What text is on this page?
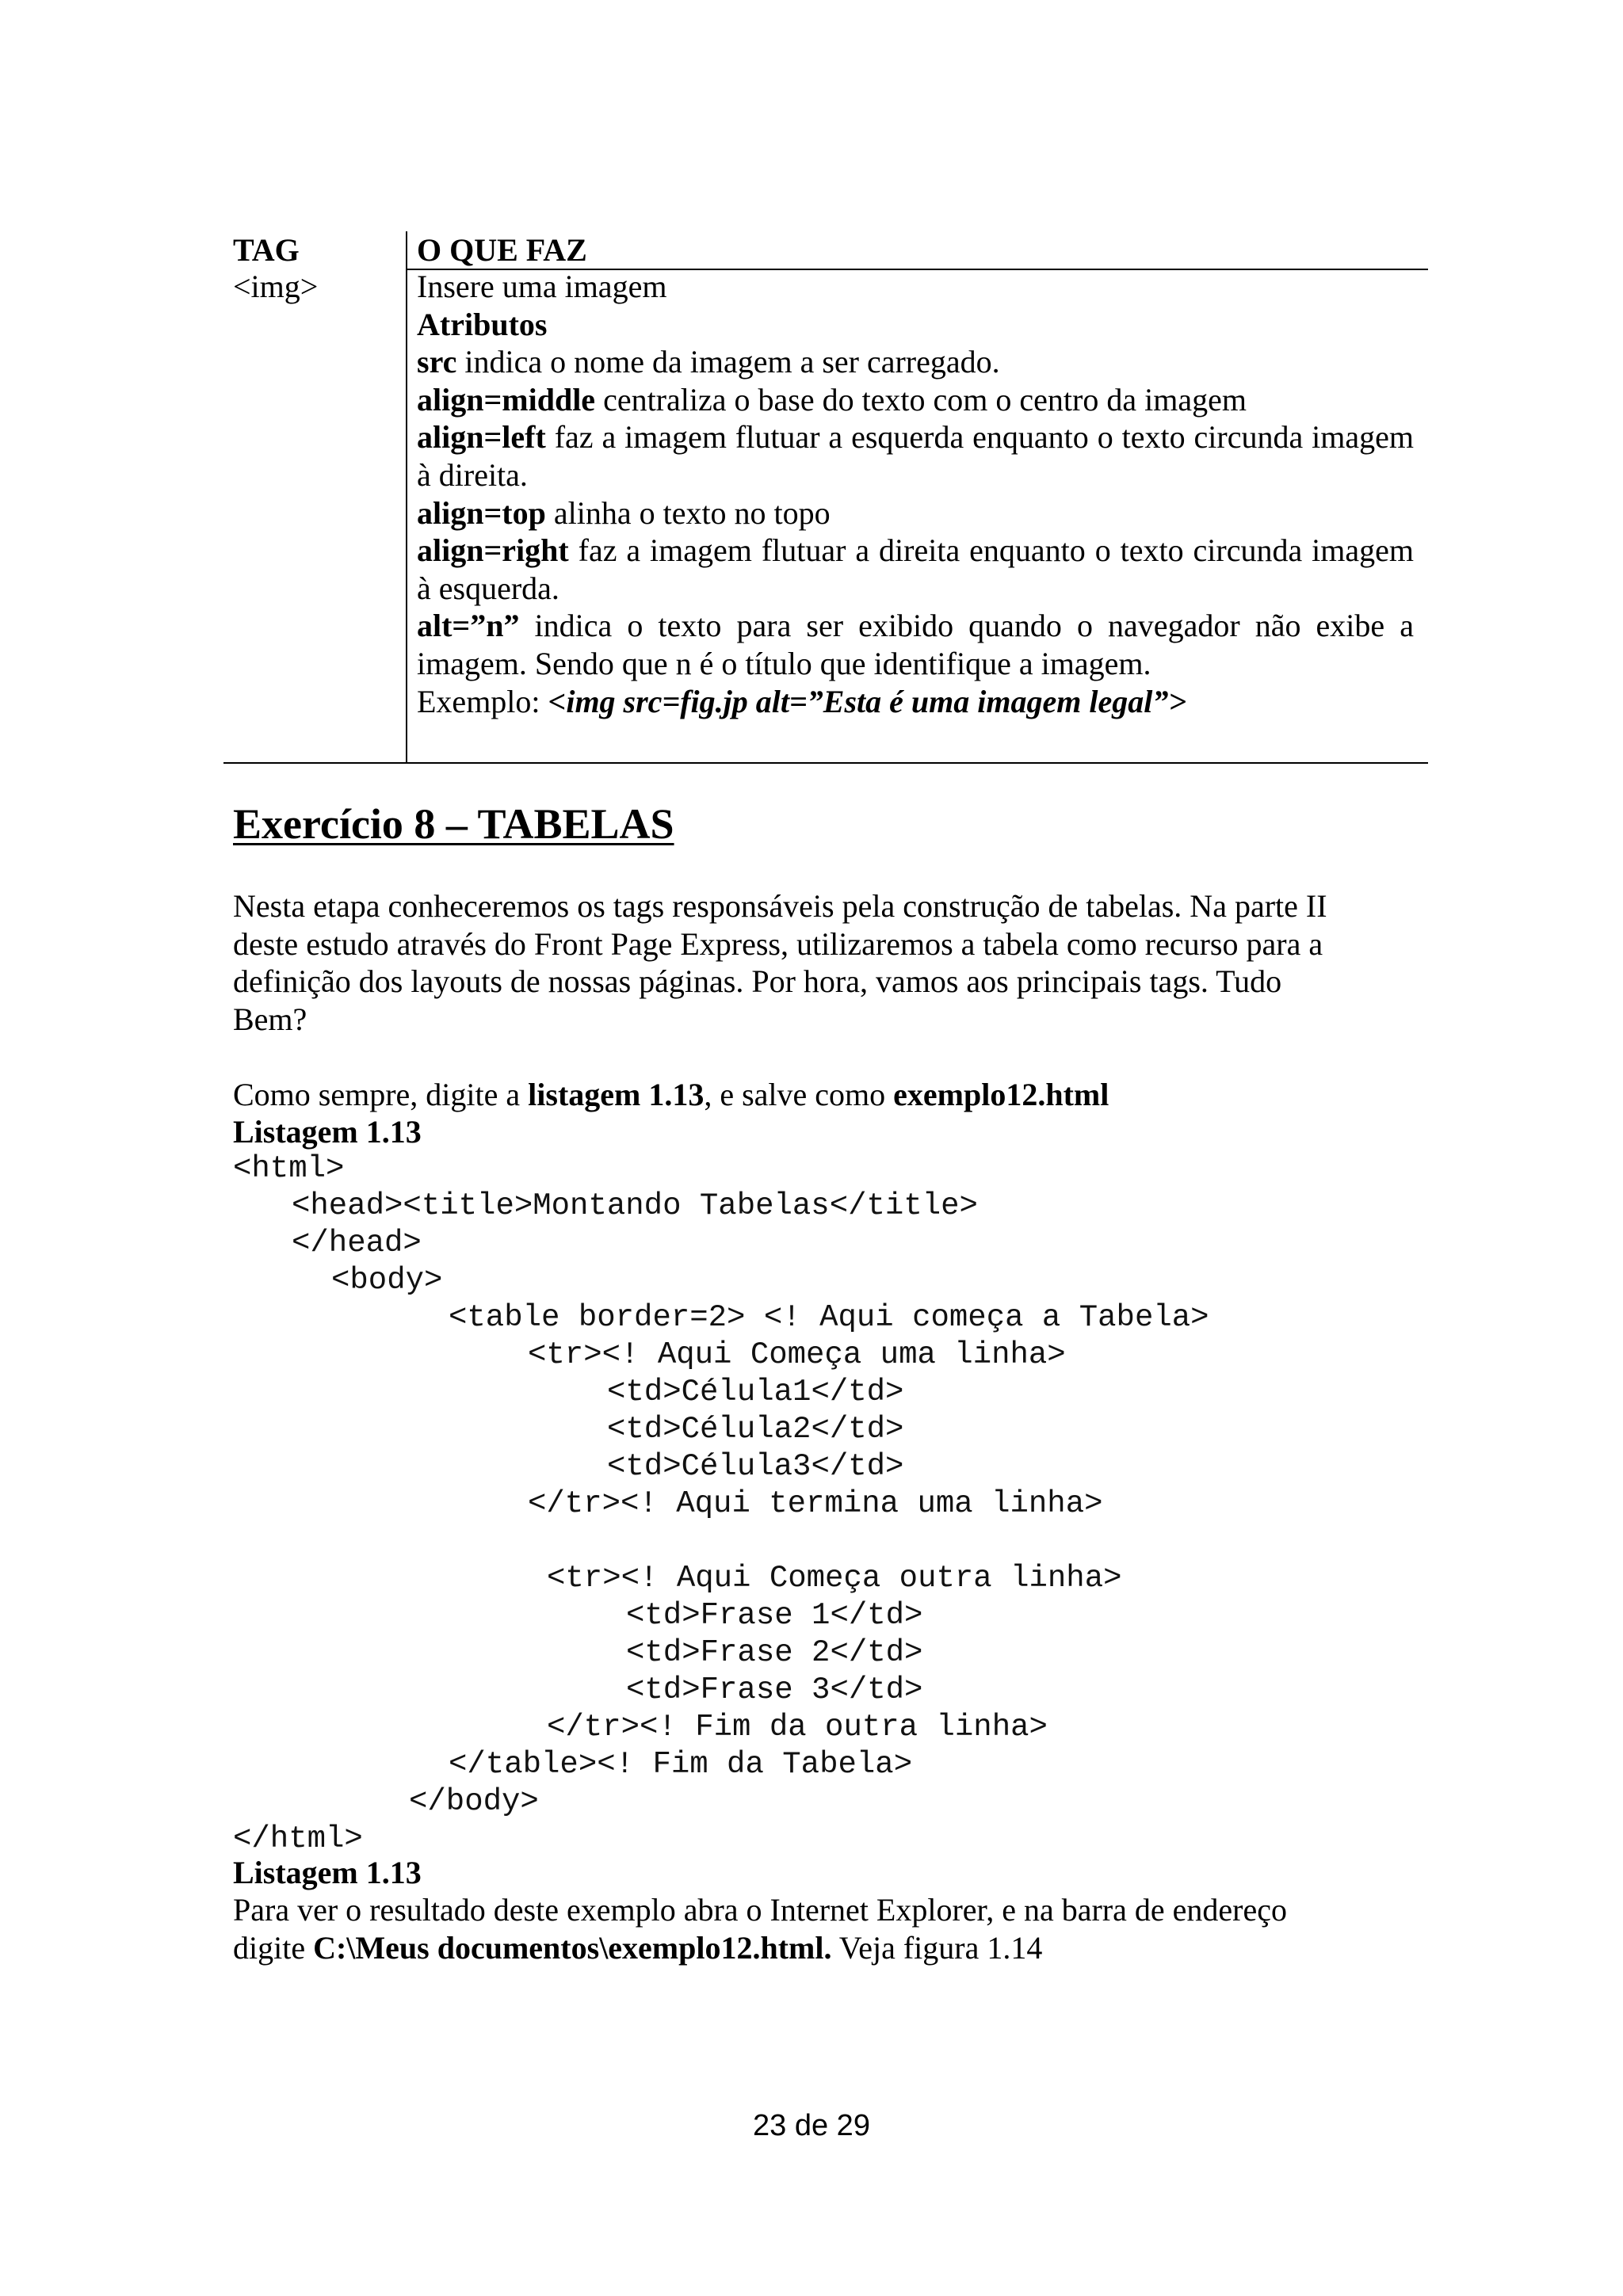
TAG	O QUE FAZ
<img>	Insere uma imagem

Atributos

src indica o nome da imagem a ser carregado.

align=middle centraliza o base do texto com o centro da imagem

align=left faz a imagem flutuar a esquerda enquanto o texto circunda imagem à direita.

align=top alinha o texto no topo

align=right faz a imagem flutuar a direita enquanto o texto circunda imagem à esquerda.

alt=”n” indica o texto para ser exibido quando o navegador não exibe a imagem. Sendo que n é o título que identifique a imagem.

Exemplo: <img src=fig.jp alt=”Esta é uma imagem legal”>

Exercício 8 – TABELAS
Nesta etapa conheceremos os tags responsáveis pela construção de tabelas. Na parte II
deste estudo através do Front Page Express, utilizaremos a tabela como recurso para a
definição dos layouts de nossas páginas. Por hora, vamos aos principais tags. Tudo
Bem?
Como sempre, digite a listagem 1.13, e salve como exemplo12.html
Listagem 1.13
<html>
<head><title>Montando Tabelas</title>
</head>
<body>
<table border=2> <! Aqui começa a Tabela>
<tr><! Aqui Começa uma linha>
<td>Célula1</td>
<td>Célula2</td>
<td>Célula3</td>
</tr><! Aqui termina uma linha>
<tr><! Aqui Começa outra linha>
<td>Frase 1</td>
<td>Frase 2</td>
<td>Frase 3</td>
</tr><! Fim da outra linha>
</table><! Fim da Tabela>
</body>
</html>
Listagem 1.13
Para ver o resultado deste exemplo abra o Internet Explorer, e na barra de endereço
digite C:\Meus documentos\exemplo12.html. Veja figura 1.14
23 de 29
